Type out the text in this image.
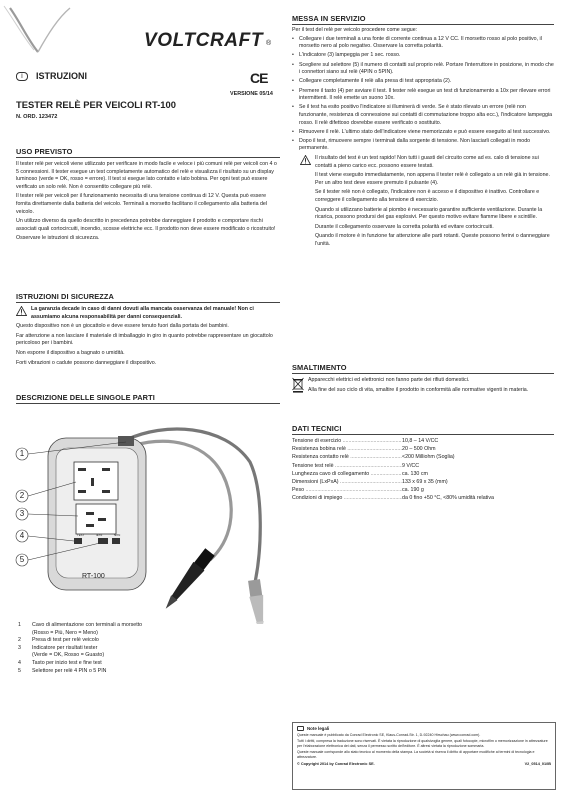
VOLTCRAFT ®
I	ISTRUZIONI	CE
VERSIONE 05/14
TESTER RELÈ PER VEICOLI RT-100
N. ORD. 123472
USO PREVISTO

Il tester relè per veicoli viene utilizzato per verificare in modo facile e veloce i più comuni relè per veicoli con 4 o 5 connessioni. Il tester esegue un test completamente automatico del relè e visualizza il risultato su un display luminoso (verde = OK, rosso = errore). Il test si esegue lato contatto e lato bobina. Per ogni test può essere verificato un solo relè. Non è consentito collegare più relè.

Il tester relè per veicoli per il funzionamento necessita di una tensione continua di 12 V. Questa può essere fornita direttamente dalla batteria del veicolo. Terminali a morsetto facilitano il collegamento alla batteria del veicolo.

Un utilizzo diverso da quello descritto in precedenza potrebbe danneggiare il prodotto e comportare rischi associati quali cortocircuiti, incendio, scosse elettriche ecc. Il prodotto non deve essere modificato o ricostruito!

Osservare le istruzioni di sicurezza.

ISTRUZIONI DI SICUREZZA

La garanzia decade in caso di danni dovuti alla mancata osservanza del manuale! Non ci assumiamo alcuna responsabilità per danni consequenziali.

Questo dispositivo non è un giocattolo e deve essere tenuto fuori dalla portata dei bambini.

Far attenzione a non lasciare il materiale di imballaggio in giro in quanto potrebbe rappresentare un giocattolo pericoloso per i bambini.

Non esporre il dispositivo a bagnato o umidità.

Forti vibrazioni o cadute possono danneggiare il dispositivo.

DESCRIZIONE DELLE SINGOLE PARTI
1
2
3
4
5
TEST	4PIN	5PIN
RT-100
1	Cavo di alimentazione con terminali a morsetto
(Rosso = Più, Nero = Meno)
2	Presa di test per relè veicolo
3	Indicatore per risultati tester
(Verde = OK, Rosso = Guasto)
4	Tasto per inizio test e fine test
5	Selettore per relè 4 PIN o 5 PIN
MESSA IN SERVIZIO

Per il test del relè per veicolo procedere come segue:

• Collegare i due terminali a una fonte di corrente continua a 12 V CC. Il morsetto rosso al polo positivo, il morsetto nero al polo negativo. Osservare la corretta polarità.
• L'indicatore (3) lampeggia per 1 sec. rosso.
• Scegliere sul selettore (5) il numero di contatti sul proprio relè. Portare l'interruttore in posizione, in modo che i connettori siano sul relè (4PIN o 5PIN).
• Collegare completamente il relè alla presa di test appropriata (2).
• Premere il tasto (4) per avviare il test. Il tester relè esegue un test di funzionamento a 10x per rilevare errori intermittenti. Il relè emette un suono 10x.
• Se il test ha esito positivo l'indicatore si illuminerà di verde. Se è stato rilevato un errore (relè non funzionante, resistenza di connessione sui contatti di commutazione troppo alta ecc.), l'indicatore lampeggia rosso. Il relè difettoso dovrebbe essere verificato o sostituito.
• Rimuovere il relè. L'ultimo stato dell'indicatore viene memorizzato e può essere eseguito al test successivo.
• Dopo il test, rimuovere sempre i terminali dalla sorgente di tensione. Non lasciarli collegati in modo permanente.

Il risultato del test è un test rapido! Non tutti i guasti del circuito come ad es. calo di tensione sui contatti a pieno carico ecc. possono essere testati.

Il test viene eseguito immediatamente, non appena il tester relè è collegato a un relè già in tensione. Per un altro test deve essere premuto il pulsante (4).

Se il tester relè non è collegato, l'indicatore non è acceso e il dispositivo è inattivo. Controllare e correggere il collegamento alla tensione di esercizio.

Quando si utilizzano batterie al piombo è necessario garantire sufficiente ventilazione. Durante la ricarica, possono prodursi dei gas esplosivi. Per questo motivo evitare fiamme libere e scintille.

Durante il collegamento osservare la corretta polarità ed evitare cortocircuiti.

Quando il motore è in funzione far attenzione alle parti rotanti. Queste possono ferirvi o danneggiare l'unità.

SMALTIMENTO

Apparecchi elettrici ed elettronici non fanno parte dei rifiuti domestici.

Alla fine del suo ciclo di vita, smaltire il prodotto in conformità alle normative vigenti in materia.

DATI TECNICI
Tensione di esercizio .....	10,8 – 14 V/CC
Resistenza bobina relè .....	20 – 500 Ohm
Resistenza contatto relè .....	<200 Milliohm (Soglia)
Tensione test relè .....	9 V/CC
Lunghezza cavo di collegamento .....	ca. 130 cm
Dimensioni (LxPxA) .....	133 x 69 x 35 (mm)
Peso .....	ca. 190 g
Condizioni di impiego .....	da 0 fino +50 °C, <80% umidità relativa
Note legali

Queste manuale è pubblicato da Conrad Electronic SE, Klaus-Conrad-Str. 1, D-92240 Hirschau (www.conrad.com).

Tutti i diritti, compresa la traduzione sono riservati. È vietata la riproduzione di qualsivoglia genere, quali fotocopie, microfilm o memorizzazione in attrezzature per l'elaborazione elettronica dei dati, senza il permesso scritto dell'editore. È altresì vietata la riproduzione sommaria.

Queste manuale corrisponde allo stato tecnico al momento della stampa. La società si riserva il diritto di apportare modifiche ai termini di tecnologia e attrezzature.

© Copyright 2014 by Conrad Electronic SE.	V2_0514_01/IB
